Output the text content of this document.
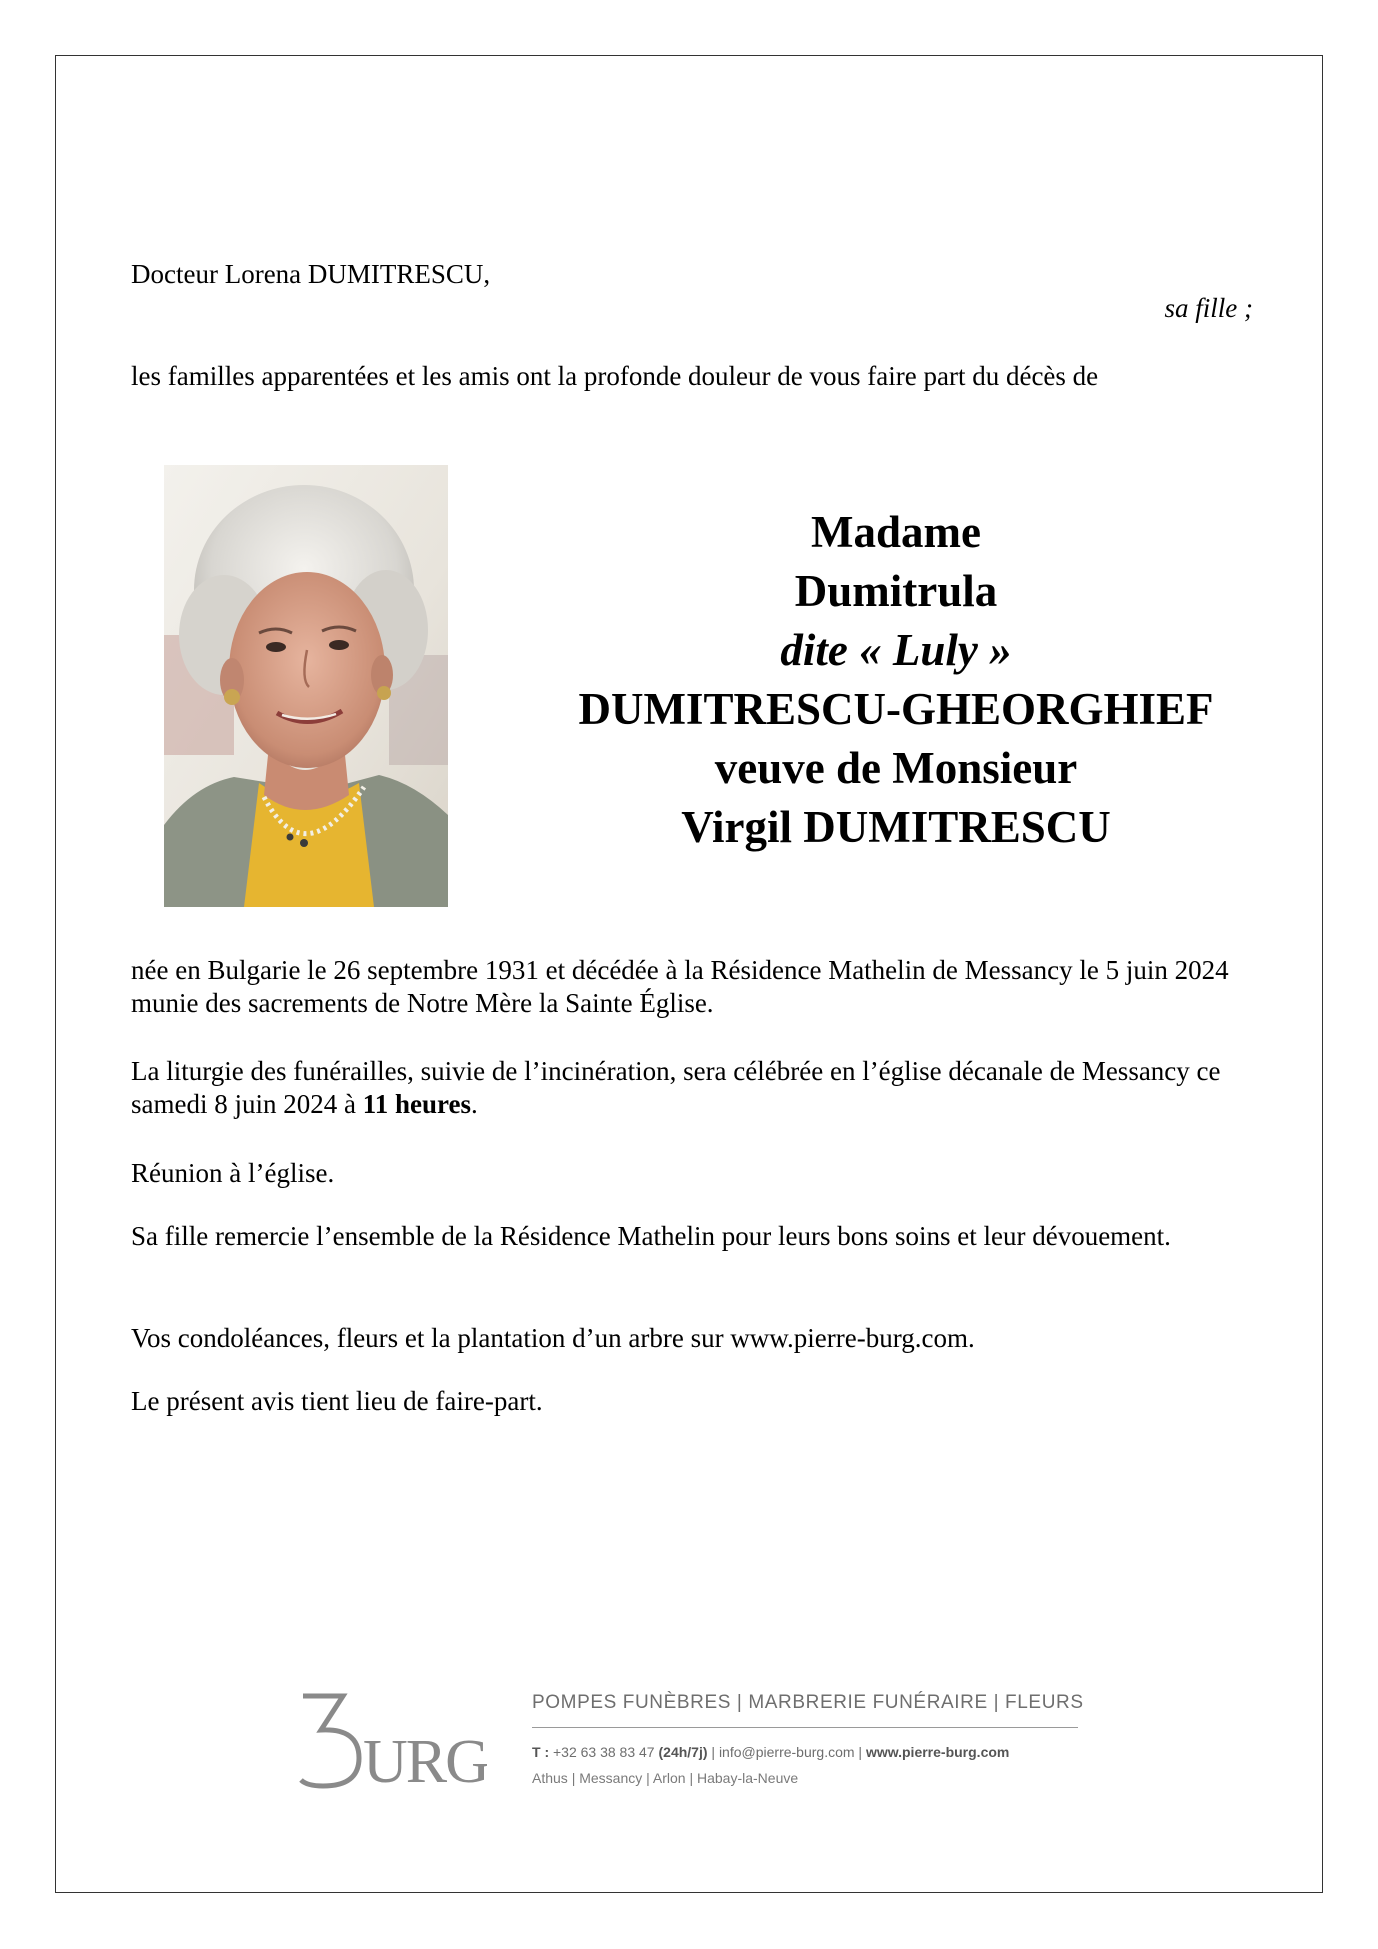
Docteur Lorena DUMITRESCU,
sa fille ;
les familles apparentées et les amis ont la profonde douleur de vous faire part du décès de
Madame
Dumitrula
dite « Luly »
DUMITRESCU-GHEORGHIEF
veuve de Monsieur
Virgil DUMITRESCU
née en Bulgarie le 26 septembre 1931 et décédée à la Résidence Mathelin de Messancy le 5 juin 2024 munie des sacrements de Notre Mère la Sainte Église.
La liturgie des funérailles, suivie de l’incinération, sera célébrée en l’église décanale de Messancy ce samedi 8 juin 2024 à 11 heures.
Réunion à l’église.
Sa fille remercie l’ensemble de la Résidence Mathelin pour leurs bons soins et leur dévouement.
Vos condoléances, fleurs et la plantation d’un arbre sur www.pierre-burg.com.
Le présent avis tient lieu de faire-part.
URG
POMPES FUNÈBRES | MARBRERIE FUNÉRAIRE | FLEURS
T : +32 63 38 83 47 (24h/7j) | info@pierre-burg.com | www.pierre-burg.com
Athus | Messancy | Arlon | Habay-la-Neuve
